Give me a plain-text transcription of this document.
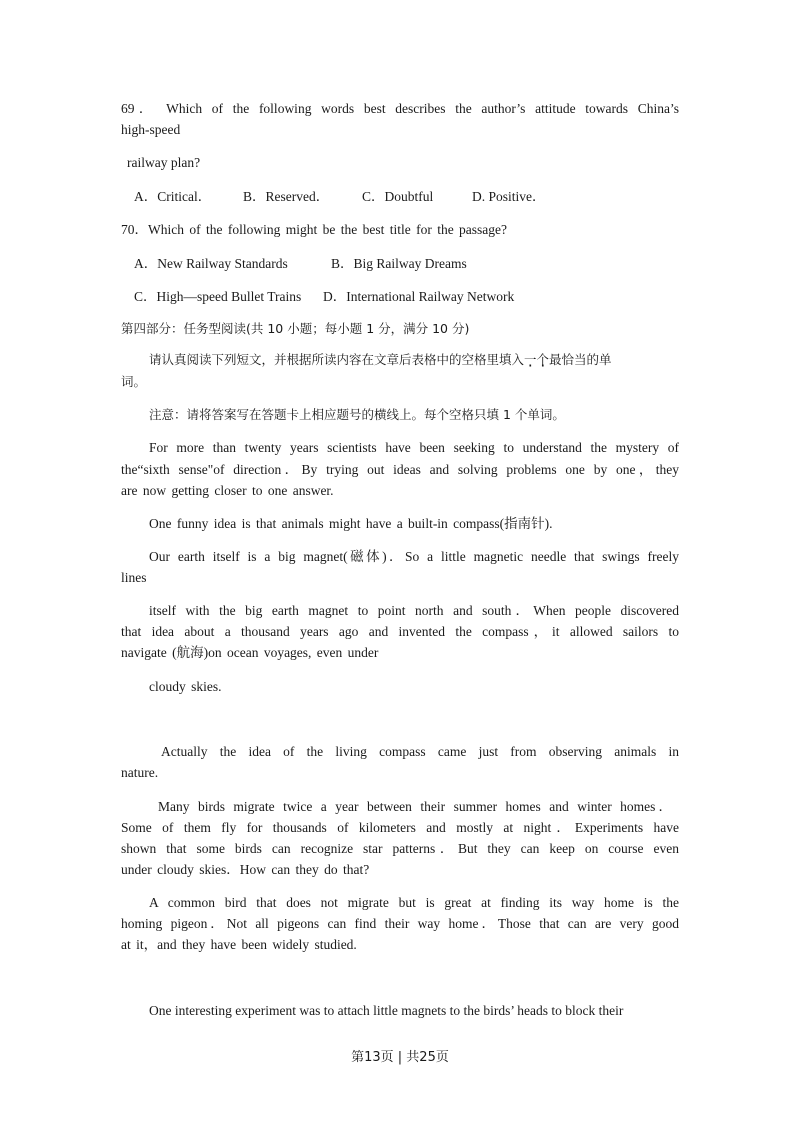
69． Which of the following words best describes the author’s attitude towards China’s

high-speed

railway plan?

A．Critical． B．Reserved． C．Doubtful	D. Positive．

70．Which of the following might be the best title for the passage?

A．New Railway Standards	B．Big Railway Dreams
C．High—speed Bullet Trains D．International Railway Network

第四部分：任务型阅读(共 10 小题；每小题 1 分，满分 10 分)

请认真阅读下列短文，并根据所读内容在文章后表格中的空格里填入一个最恰当的单

词。

注意：请将答案写在答题卡上相应题号的横线上。每个空格只填 1 个单词。

For more than twenty years scientists have been seeking to understand the mystery of

the“sixth sense"of direction．By trying out ideas and solving problems one by one，they

are now getting closer to one answer.

One funny idea is that animals might have a built-in compass(指南针).

Our earth itself is a big magnet(磁体)．So a little magnetic needle that swings freely

lines

itself with the big earth magnet to point north and south．When people discovered

that idea about a thousand years ago and invented the compass，it allowed sailors to

navigate (航海)on ocean voyages, even under

cloudy skies.

Actually the idea of the living compass came just from observing animals in

nature.

Many birds migrate twice a year between their summer homes and winter homes．

Some of them fly for thousands of kilometers and mostly at night．Experiments have

shown that some birds can recognize star patterns．But they can keep on course even

under cloudy skies．How can they do that?

A common bird that does not migrate but is great at finding its way home is the

homing pigeon．Not all pigeons can find their way home．Those that can are very good

at it，and they have been widely studied.

One interesting experiment was to attach little magnets to the birds’ heads to block their

第13页 | 共25页
